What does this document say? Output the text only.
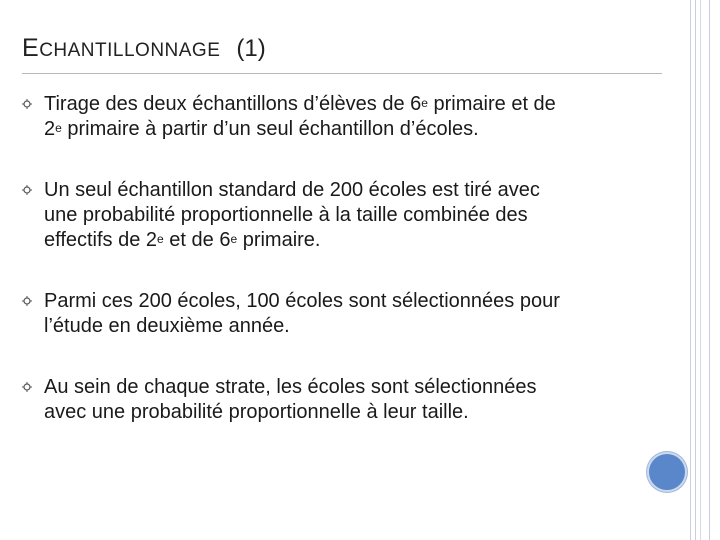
ECHANTILLONNAGE (1)
Tirage des deux échantillons d’élèves de 6e primaire et de
2e primaire à partir d’un seul échantillon d’écoles.
Un seul échantillon standard de 200 écoles est tiré avec
une probabilité proportionnelle à la taille combinée des
effectifs de 2e et de 6e primaire.
Parmi ces 200 écoles, 100 écoles sont sélectionnées pour
l’étude en deuxième année.
Au sein de chaque strate, les écoles sont sélectionnées
avec une probabilité proportionnelle à leur taille.
